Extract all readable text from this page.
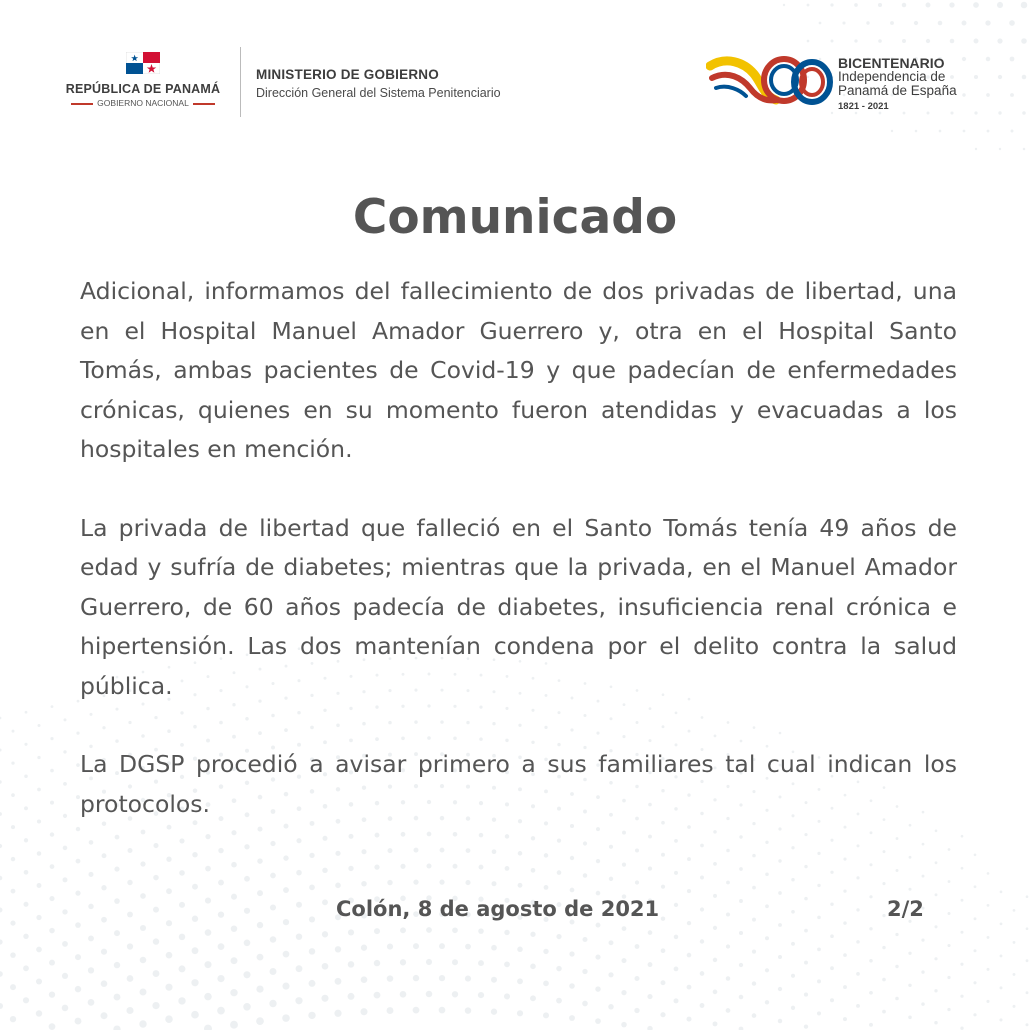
REPÚBLICA DE PANAMÁ
GOBIERNO NACIONAL
MINISTERIO DE GOBIERNO
Dirección General del Sistema Penitenciario
BICENTENARIO
Independencia de
Panamá de España
1821 - 2021
Comunicado

Adicional, informamos del fallecimiento de dos privadas de libertad, una en el Hospital Manuel Amador Guerrero y, otra en el Hospital Santo Tomás, ambas pacientes de Covid-19 y que padecían de enfermedades crónicas, quienes en su momento fueron atendidas y evacuadas a los hospitales en mención.

La privada de libertad que falleció en el Santo Tomás tenía 49 años de edad y sufría de diabetes; mientras que la privada, en el Manuel Amador Guerrero, de 60 años padecía de diabetes, insuficiencia renal crónica e hipertensión. Las dos mantenían condena por el delito contra la salud pública.

La DGSP procedió a avisar primero a sus familiares tal cual indican los protocolos.

Colón, 8 de agosto de 2021	2/2
